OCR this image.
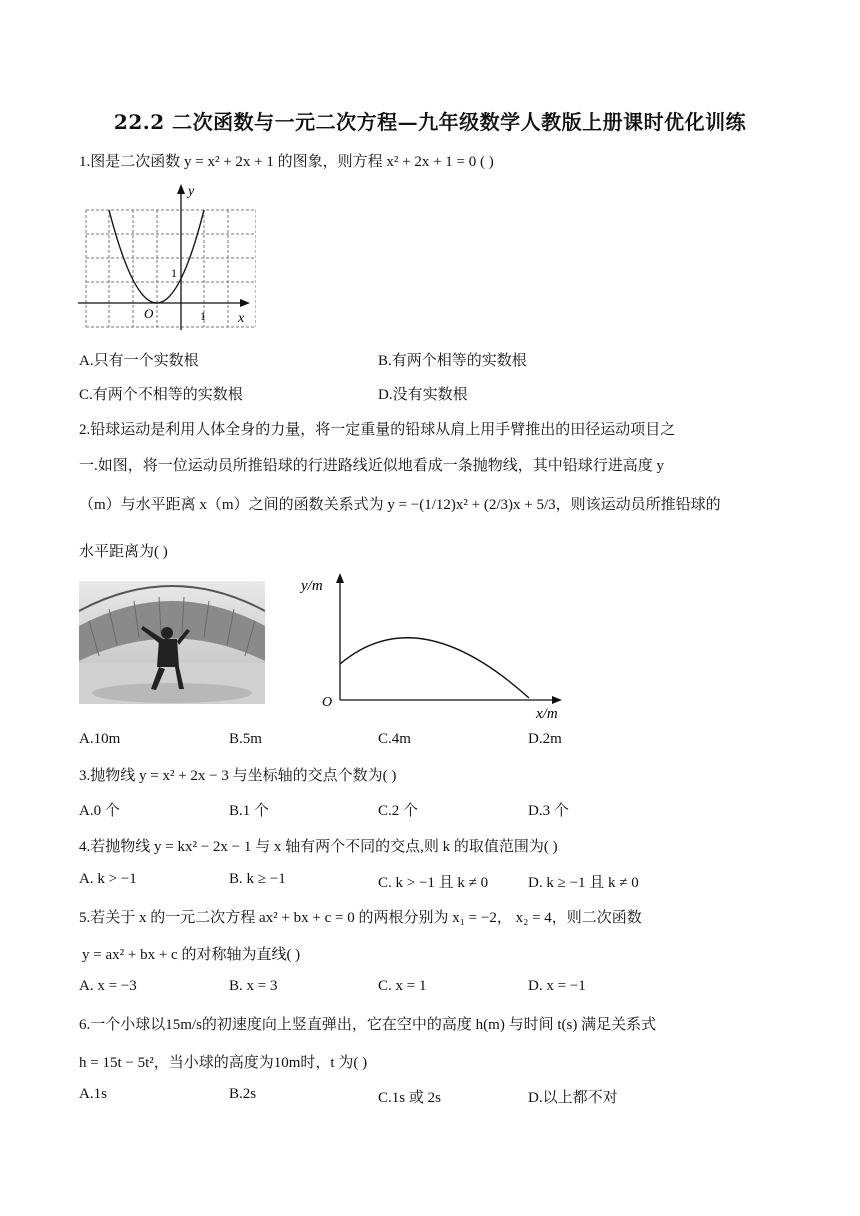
22.2 二次函数与一元二次方程—九年级数学人教版上册课时优化训练
1.图是二次函数 y = x² + 2x + 1 的图象，则方程 x² + 2x + 1 = 0 ( )
y
x
O	1
1
A.只有一个实数根	B.有两个相等的实数根
C.有两个不相等的实数根	D.没有实数根
2.铅球运动是利用人体全身的力量，将一定重量的铅球从肩上用手臂推出的田径运动项目之
一.如图，将一位运动员所推铅球的行进路线近似地看成一条抛物线，其中铅球行进高度 y
（m）与水平距离 x（m）之间的函数关系式为 y = −(1/12)x² + (2/3)x + 5/3，则该运动员所推铅球的
水平距离为( )
y/m
x/m
O
A.10m	B.5m	C.4m	D.2m
3.抛物线 y = x² + 2x − 3 与坐标轴的交点个数为( )
A.0 个	B.1 个	C.2 个	D.3 个
4.若抛物线 y = kx² − 2x − 1 与 x 轴有两个不同的交点,则 k 的取值范围为( )
A. k > −1	B. k ≥ −1	C. k > −1 且 k ≠ 0	D. k ≥ −1 且 k ≠ 0
5.若关于 x 的一元二次方程 ax² + bx + c = 0 的两根分别为 x₁ = −2， x₂ = 4，则二次函数
y = ax² + bx + c 的对称轴为直线( )
A. x = −3	B. x = 3	C. x = 1	D. x = −1
6.一个小球以15m/s的初速度向上竖直弹出，它在空中的高度 h(m) 与时间 t(s) 满足关系式
h = 15t − 5t²，当小球的高度为10m时，t 为( )
A.1s	B.2s	C.1s 或 2s	D.以上都不对
